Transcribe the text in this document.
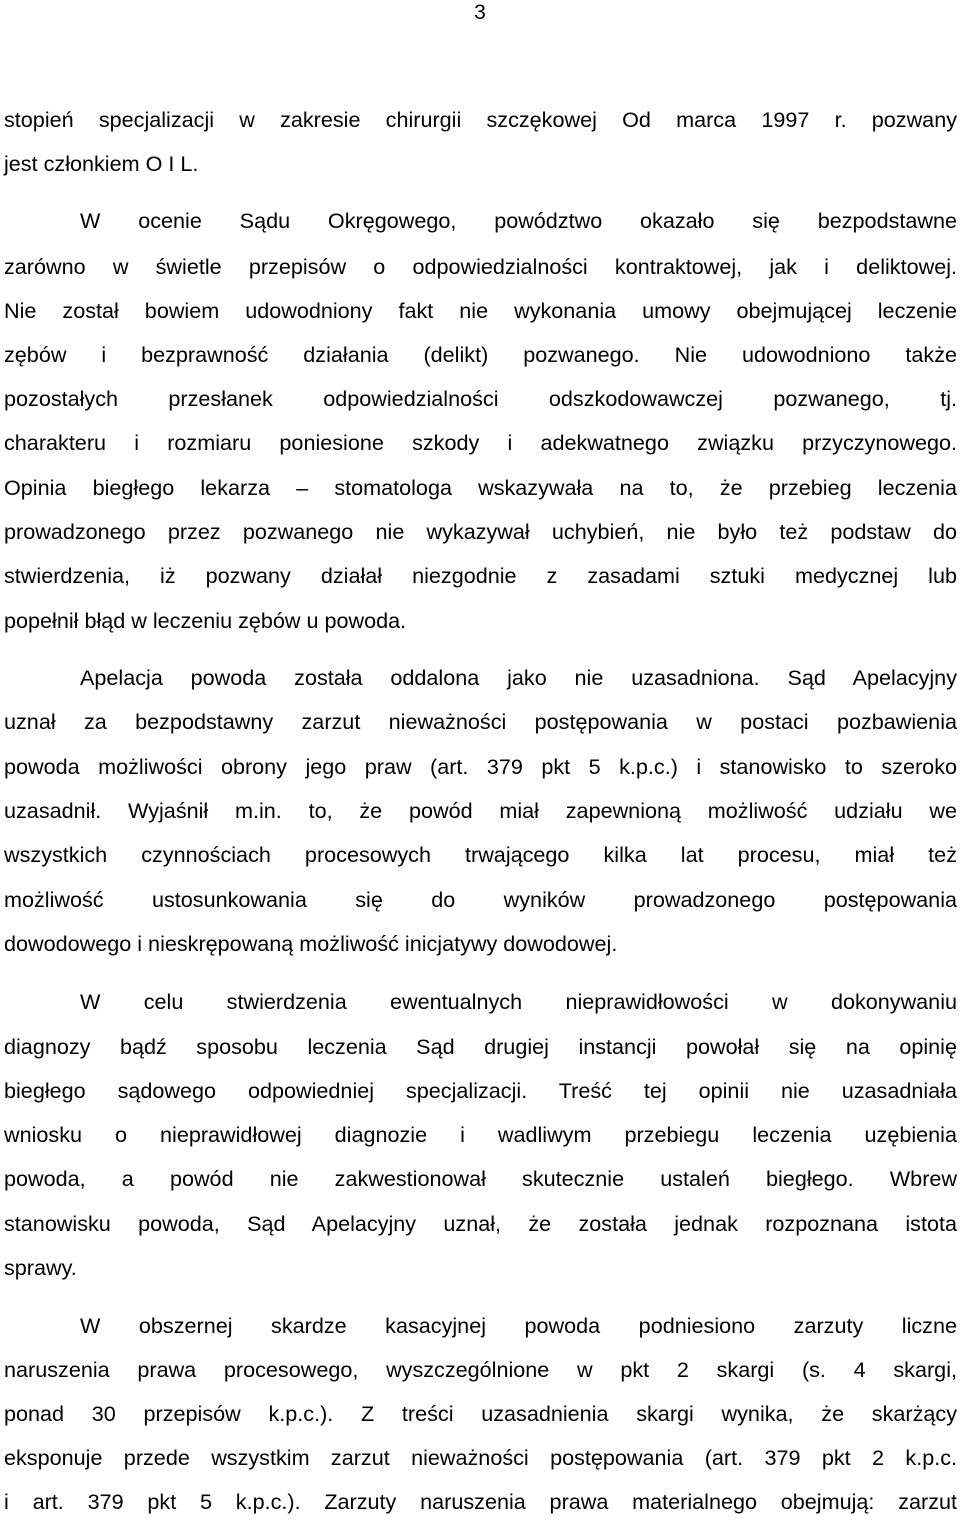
3
stopień specjalizacji w zakresie chirurgii szczękowej Od marca 1997 r. pozwany
jest członkiem O I L.
W ocenie Sądu Okręgowego, powództwo okazało się bezpodstawne
zarówno w świetle przepisów o odpowiedzialności kontraktowej, jak i deliktowej.
Nie został bowiem udowodniony fakt nie wykonania umowy obejmującej leczenie
zębów i bezprawność działania (delikt) pozwanego. Nie udowodniono także
pozostałych przesłanek odpowiedzialności odszkodowawczej pozwanego, tj.
charakteru i rozmiaru poniesione szkody i adekwatnego związku przyczynowego.
Opinia biegłego lekarza – stomatologa wskazywała na to, że przebieg leczenia
prowadzonego przez pozwanego nie wykazywał uchybień, nie było też podstaw do
stwierdzenia, iż pozwany działał niezgodnie z zasadami sztuki medycznej lub
popełnił błąd w leczeniu zębów u powoda.
Apelacja powoda została oddalona jako nie uzasadniona. Sąd Apelacyjny
uznał za bezpodstawny zarzut nieważności postępowania w postaci pozbawienia
powoda możliwości obrony jego praw (art. 379 pkt 5 k.p.c.) i stanowisko to szeroko
uzasadnił. Wyjaśnił m.in. to, że powód miał zapewnioną możliwość udziału we
wszystkich czynnościach procesowych trwającego kilka lat procesu, miał też
możliwość ustosunkowania się do wyników prowadzonego postępowania
dowodowego i nieskrępowaną możliwość inicjatywy dowodowej.
W celu stwierdzenia ewentualnych nieprawidłowości w dokonywaniu
diagnozy bądź sposobu leczenia Sąd drugiej instancji powołał się na opinię
biegłego sądowego odpowiedniej specjalizacji. Treść tej opinii nie uzasadniała
wniosku o nieprawidłowej diagnozie i wadliwym przebiegu leczenia uzębienia
powoda, a powód nie zakwestionował skutecznie ustaleń biegłego. Wbrew
stanowisku powoda, Sąd Apelacyjny uznał, że została jednak rozpoznana istota
sprawy.
W obszernej skardze kasacyjnej powoda podniesiono zarzuty liczne
naruszenia prawa procesowego, wyszczególnione w pkt 2 skargi (s. 4 skargi,
ponad 30 przepisów k.p.c.). Z treści uzasadnienia skargi wynika, że skarżący
eksponuje przede wszystkim zarzut nieważności postępowania (art. 379 pkt 2 k.p.c.
i art. 379 pkt 5 k.p.c.). Zarzuty naruszenia prawa materialnego obejmują: zarzut
